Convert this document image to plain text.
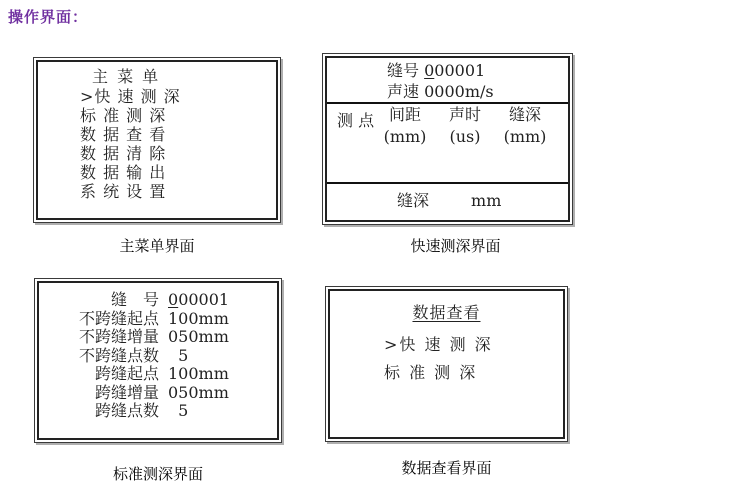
操作界面：
主 菜 单
>快 速 测 深
标 准 测 深
数 据 查 看
数 据 清 除
数 据 输 出
系 统 设 置
主菜单界面
缝号 000001
声速 0000m/s
测 点 间距	声时	缝深
(mm)	(us)	(mm)
缝深	mm
快速测深界面
缝　号 000001
不跨缝起点 100mm
不跨缝增量 050mm
不跨缝点数 5
跨缝起点 100mm
跨缝增量 050mm
跨缝点数 5
标准测深界面
数据查看
>快 速 测 深
标 准 测 深
数据查看界面
